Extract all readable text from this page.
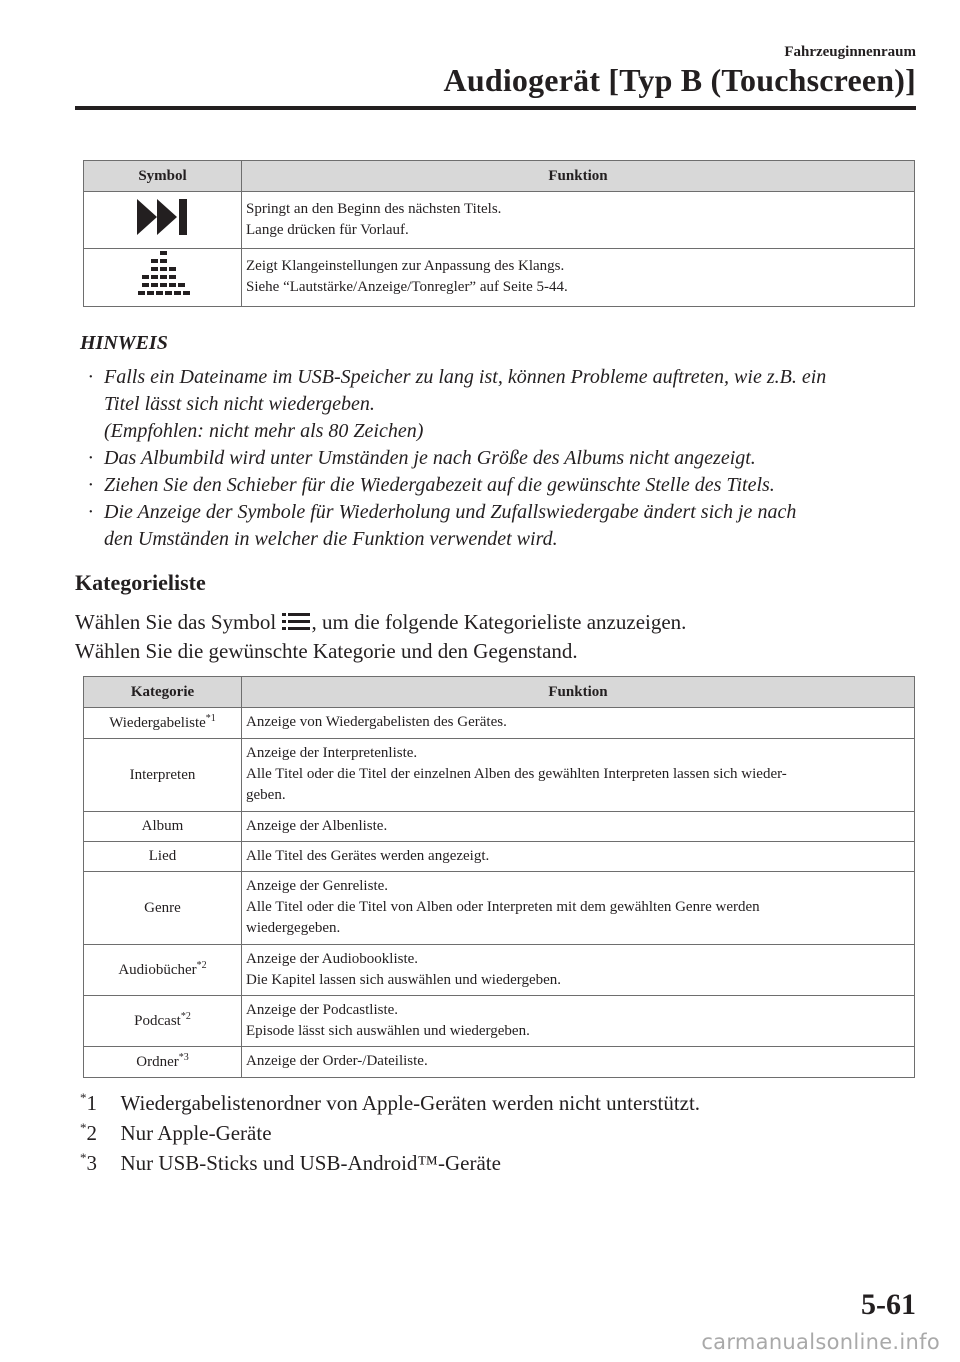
Fahrzeuginnenraum
Audiogerät [Typ B (Touchscreen)]
Symbol	Funktion

Springt an den Beginn des nächsten Titels.
Lange drücken für Vorlauf.

Zeigt Klangeinstellungen zur Anpassung des Klangs.
Siehe “Lautstärke/Anzeige/Tonregler” auf Seite 5-44.
HINWEIS
· Falls ein Dateiname im USB-Speicher zu lang ist, können Probleme auftreten, wie z.B. ein
Titel lässt sich nicht wiedergeben.
(Empfohlen: nicht mehr als 80 Zeichen)
· Das Albumbild wird unter Umständen je nach Größe des Albums nicht angezeigt.
· Ziehen Sie den Schieber für die Wiedergabezeit auf die gewünschte Stelle des Titels.
· Die Anzeige der Symbole für Wiederholung und Zufallswiedergabe ändert sich je nach
den Umständen in welcher die Funktion verwendet wird.
Kategorieliste
Wählen Sie das Symbol , um die folgende Kategorieliste anzuzeigen.
Wählen Sie die gewünschte Kategorie und den Gegenstand.
Kategorie	Funktion
Wiedergabeliste$^{*1}$	Anzeige von Wiedergabelisten des Gerätes.

Interpreten	Anzeige der Interpretenliste.
Alle Titel oder die Titel der einzelnen Alben des gewählten Interpreten lassen sich wieder-
geben.

Album	Anzeige der Albenliste.

Lied	Alle Titel des Gerätes werden angezeigt.

Genre	Anzeige der Genreliste.
Alle Titel oder die Titel von Alben oder Interpreten mit dem gewählten Genre werden
wiedergegeben.

Audiobücher$^{*2}$	Anzeige der Audiobookliste.
Die Kapitel lassen sich auswählen und wiedergeben.

Podcast$^{*2}$	Anzeige der Podcastliste.
Episode lässt sich auswählen und wiedergeben.

Ordner$^{*3}$	Anzeige der Order-/Dateiliste.
*1 Wiedergabelistenordner von Apple-Geräten werden nicht unterstützt.
*2 Nur Apple-Geräte
*3 Nur USB-Sticks und USB-Android™-Geräte
5-61
carmanualsonline.info
